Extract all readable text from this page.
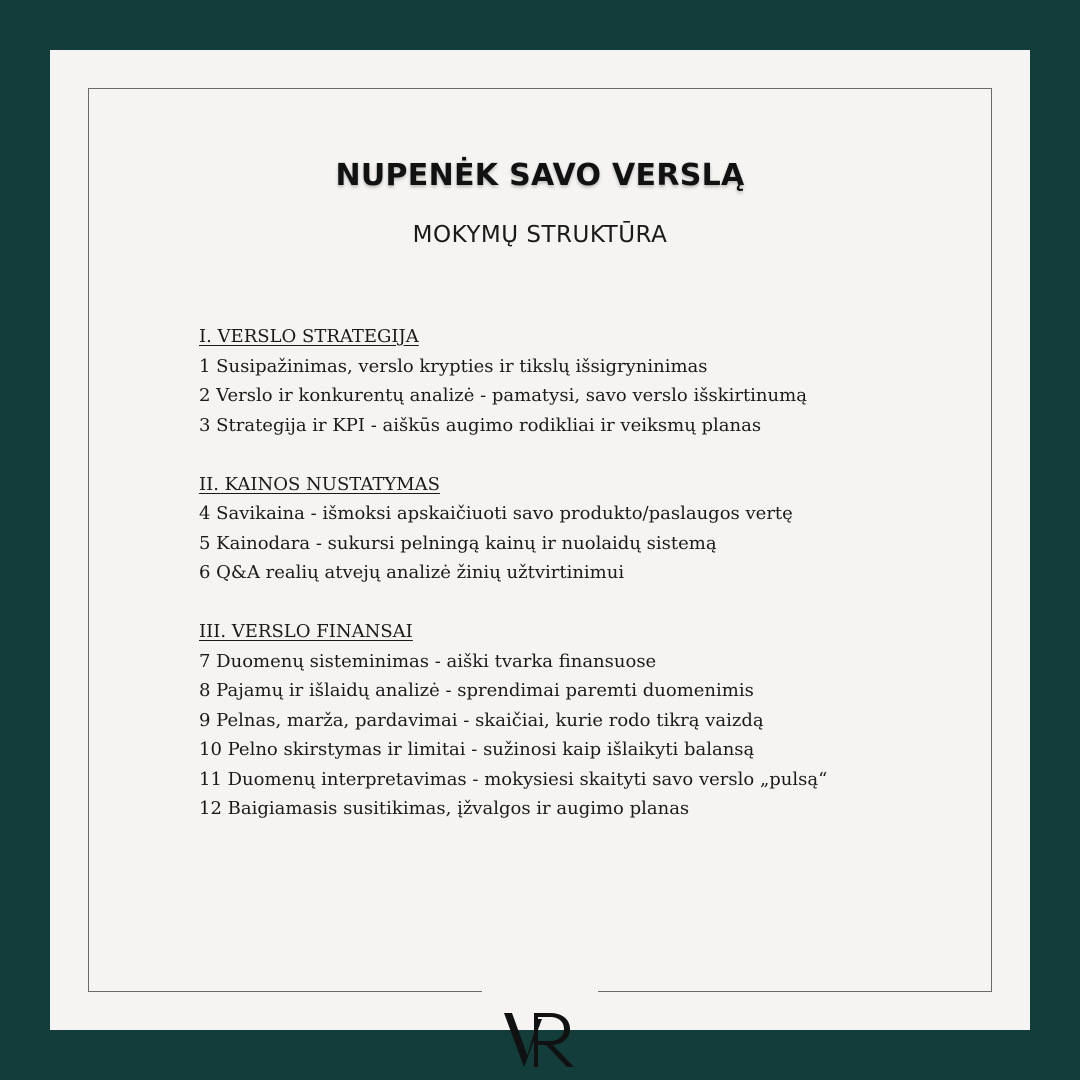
NUPENĖK SAVO VERSLĄ
MOKYMŲ STRUKTŪRA
I. VERSLO STRATEGIJA
1 Susipažinimas, verslo krypties ir tikslų išsigryninimas
2 Verslo ir konkurentų analizė - pamatysi, savo verslo išskirtinumą
3 Strategija ir KPI - aiškūs augimo rodikliai ir veiksmų planas
II. KAINOS NUSTATYMAS
4 Savikaina - išmoksi apskaičiuoti savo produkto/paslaugos vertę
5 Kainodara - sukursi pelningą kainų ir nuolaidų sistemą
6 Q&A realių atvejų analizė žinių užtvirtinimui
III. VERSLO FINANSAI
7 Duomenų sisteminimas - aiški tvarka finansuose
8 Pajamų ir išlaidų analizė - sprendimai paremti duomenimis
9 Pelnas, marža, pardavimai - skaičiai, kurie rodo tikrą vaizdą
10 Pelno skirstymas ir limitai - sužinosi kaip išlaikyti balansą
11 Duomenų interpretavimas - mokysiesi skaityti savo verslo „pulsą“
12 Baigiamasis susitikimas, įžvalgos ir augimo planas
